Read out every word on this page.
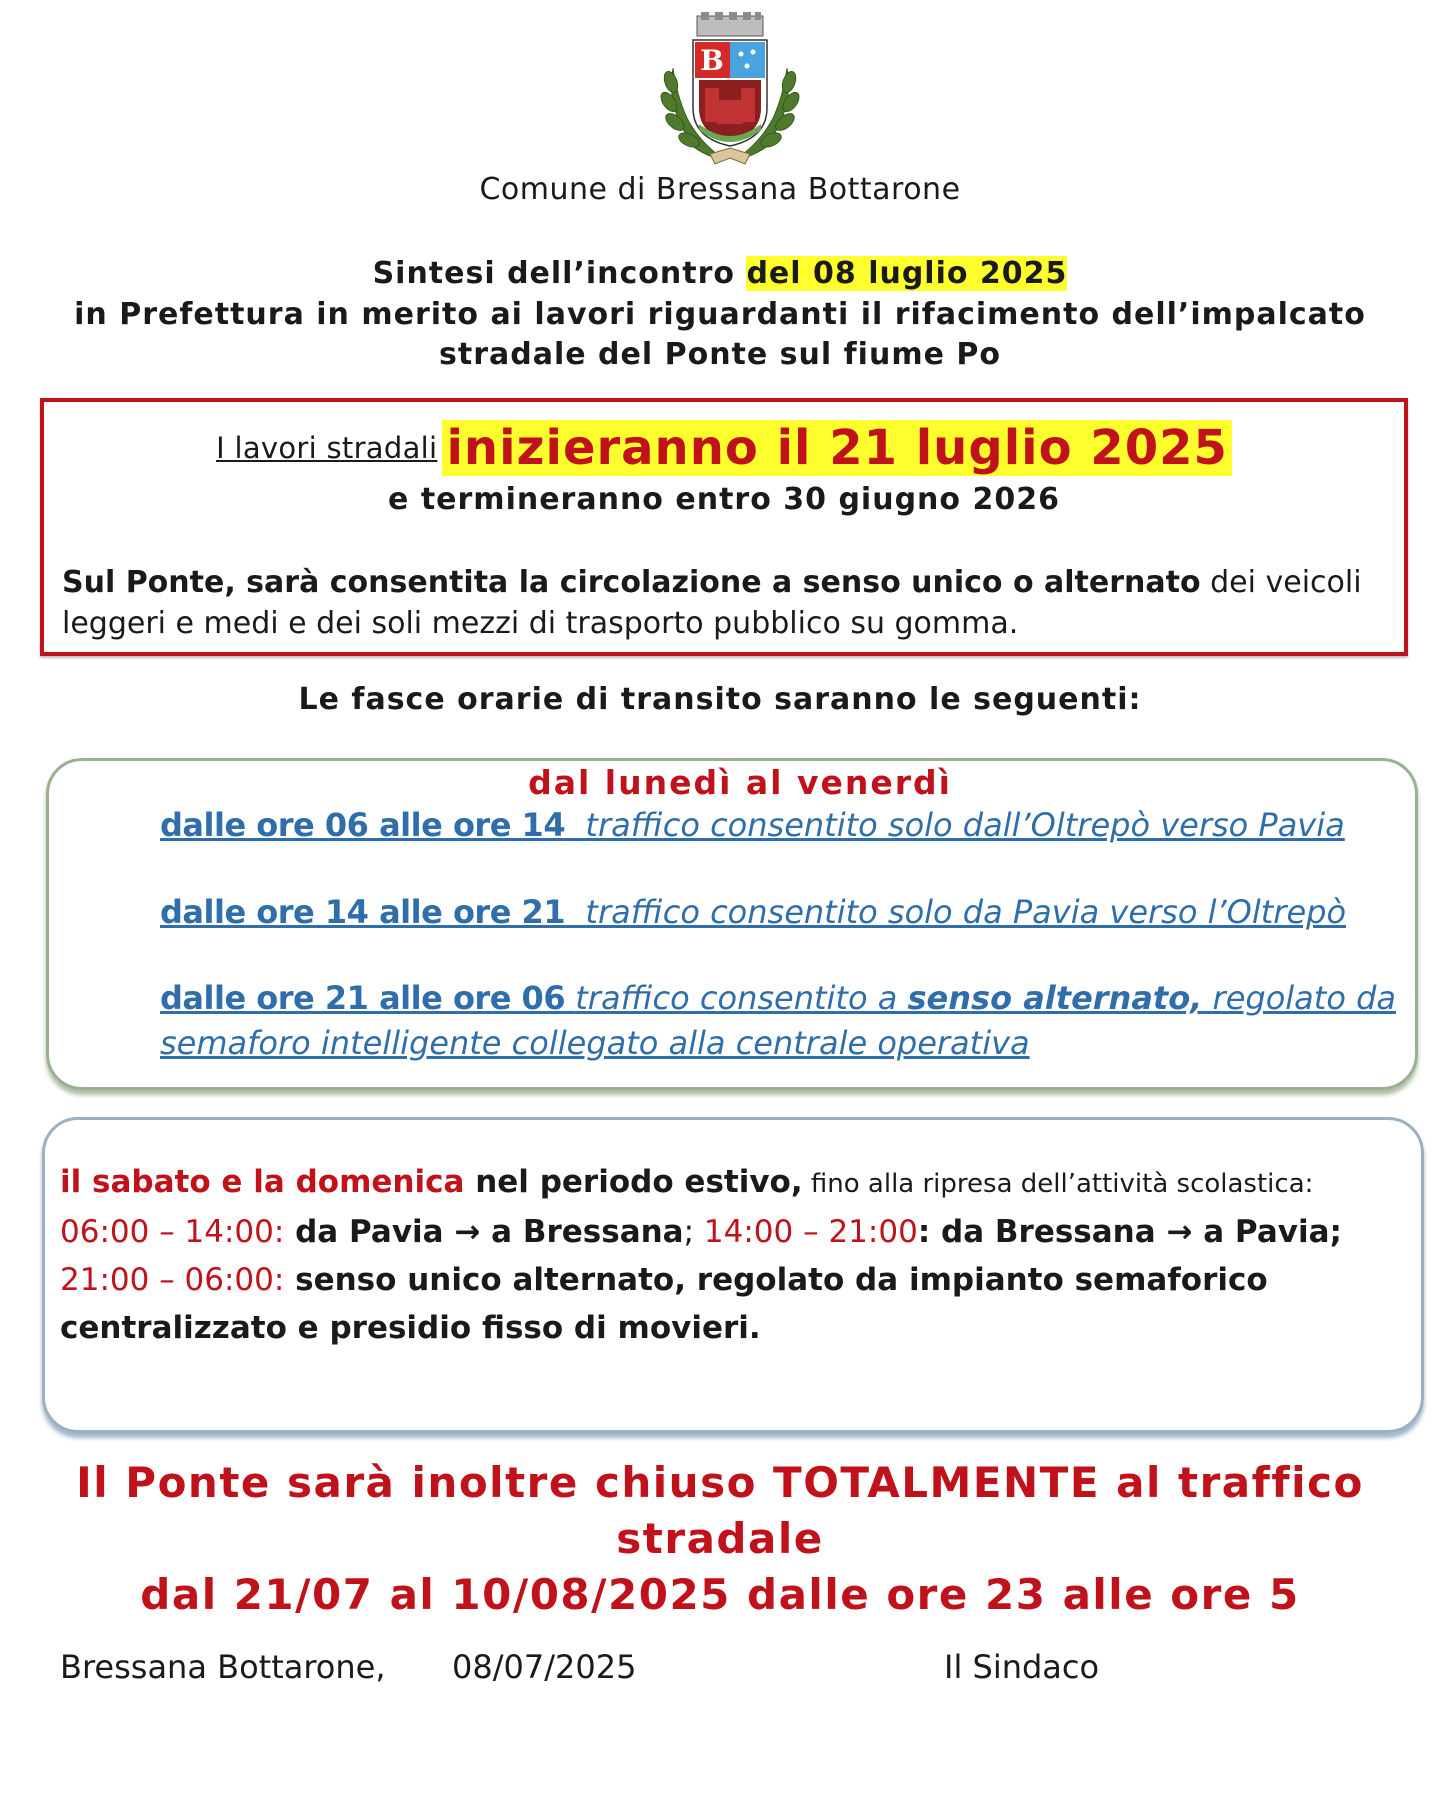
B
Comune di Bressana Bottarone
Sintesi dell’incontro del 08 luglio 2025
in Prefettura in merito ai lavori riguardanti il rifacimento dell’impalcato
stradale del Ponte sul fiume Po
I lavori stradali inizieranno il 21 luglio 2025
e termineranno entro 30 giugno 2026
Sul Ponte, sarà consentita la circolazione a senso unico o alternato dei veicoli leggeri e medi e dei soli mezzi di trasporto pubblico su gomma.
Le fasce orarie di transito saranno le seguenti:
dal lunedì al venerdì
dalle ore 06 alle ore 14 traffico consentito solo dall’Oltrepò verso Pavia
dalle ore 14 alle ore 21 traffico consentito solo da Pavia verso l’Oltrepò
dalle ore 21 alle ore 06 traffico consentito a senso alternato, regolato da semaforo intelligente collegato alla centrale operativa
il sabato e la domenica nel periodo estivo, fino alla ripresa dell’attività scolastica:
06:00 – 14:00: da Pavia → a Bressana; 14:00 – 21:00: da Bressana → a Pavia;
21:00 – 06:00: senso unico alternato, regolato da impianto semaforico centralizzato e presidio fisso di movieri.
Il Ponte sarà inoltre chiuso TOTALMENTE al traffico stradale
dal 21/07 al 10/08/2025 dalle ore 23 alle ore 5
Bressana Bottarone, 08/07/2025	Il Sindaco
